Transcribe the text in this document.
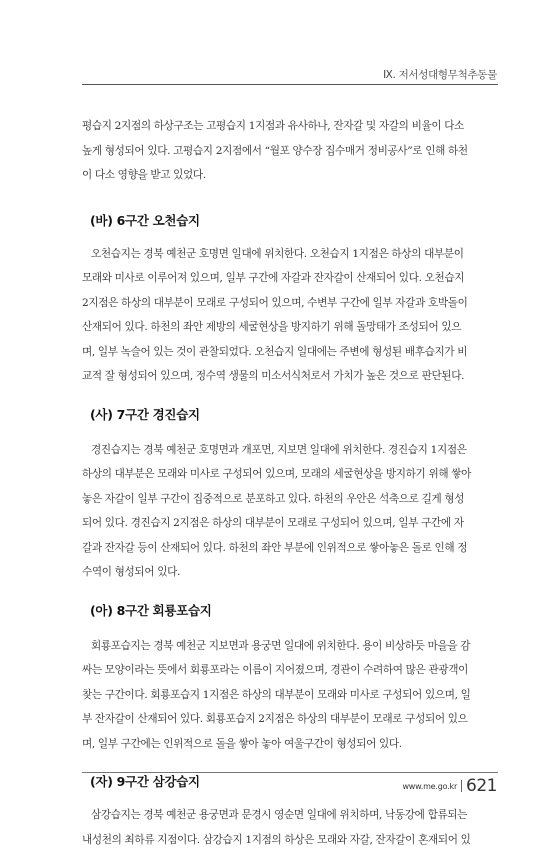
Ⅸ. 저서성대형무척추동물

평습지 2지점의 하상구조는 고평습지 1지점과 유사하나, 잔자갈 및 자갈의 비율이 다소
높게 형성되어 있다. 고평습지 2지점에서 “월포 양수장 집수매거 정비공사”로 인해 하천
이 다소 영향을 받고 있었다.

(바) 6구간 오천습지

오천습지는 경북 예천군 호명면 일대에 위치한다. 오천습지 1지점은 하상의 대부분이
모래와 미사로 이루어져 있으며, 일부 구간에 자갈과 잔자갈이 산재되어 있다. 오천습지
2지점은 하상의 대부분이 모래로 구성되어 있으며, 수변부 구간에 일부 자갈과 호박돌이
산재되어 있다. 하천의 좌안 제방의 세굴현상을 방지하기 위해 돌망태가 조성되어 있으
며, 일부 녹슬어 있는 것이 관찰되었다. 오천습지 일대에는 주변에 형성된 배후습지가 비
교적 잘 형성되어 있으며, 정수역 생물의 미소서식처로서 가치가 높은 것으로 판단된다.

(사) 7구간 경진습지

경진습지는 경북 예천군 호명면과 개포면, 지보면 일대에 위치한다. 경진습지 1지점은
하상의 대부분은 모래와 미사로 구성되어 있으며, 모래의 세굴현상을 방지하기 위해 쌓아
놓은 자갈이 일부 구간이 집중적으로 분포하고 있다. 하천의 우안은 석축으로 길게 형성
되어 있다. 경진습지 2지점은 하상의 대부분이 모래로 구성되어 있으며, 일부 구간에 자
갈과 잔자갈 등이 산재되어 있다. 하천의 좌안 부분에 인위적으로 쌓아놓은 돌로 인해 정
수역이 형성되어 있다.

(아) 8구간 회룡포습지

회룡포습지는 경북 예천군 지보면과 용궁면 일대에 위치한다. 용이 비상하듯 마을을 감
싸는 모양이라는 뜻에서 회룡포라는 이름이 지어졌으며, 경관이 수려하여 많은 관광객이
찾는 구간이다. 회룡포습지 1지점은 하상의 대부분이 모래와 미사로 구성되어 있으며, 일
부 잔자갈이 산재되어 있다. 회룡포습지 2지점은 하상의 대부분이 모래로 구성되어 있으
며, 일부 구간에는 인위적으로 돌을 쌓아 놓아 여울구간이 형성되어 있다.

(자) 9구간 삼강습지

삼강습지는 경북 예천군 용궁면과 문경시 영순면 일대에 위치하며, 낙동강에 합류되는
내성천의 최하류 지점이다. 삼강습지 1지점의 하상은 모래와 자갈, 잔자갈이 혼재되어 있

www.me.go.kr 621
